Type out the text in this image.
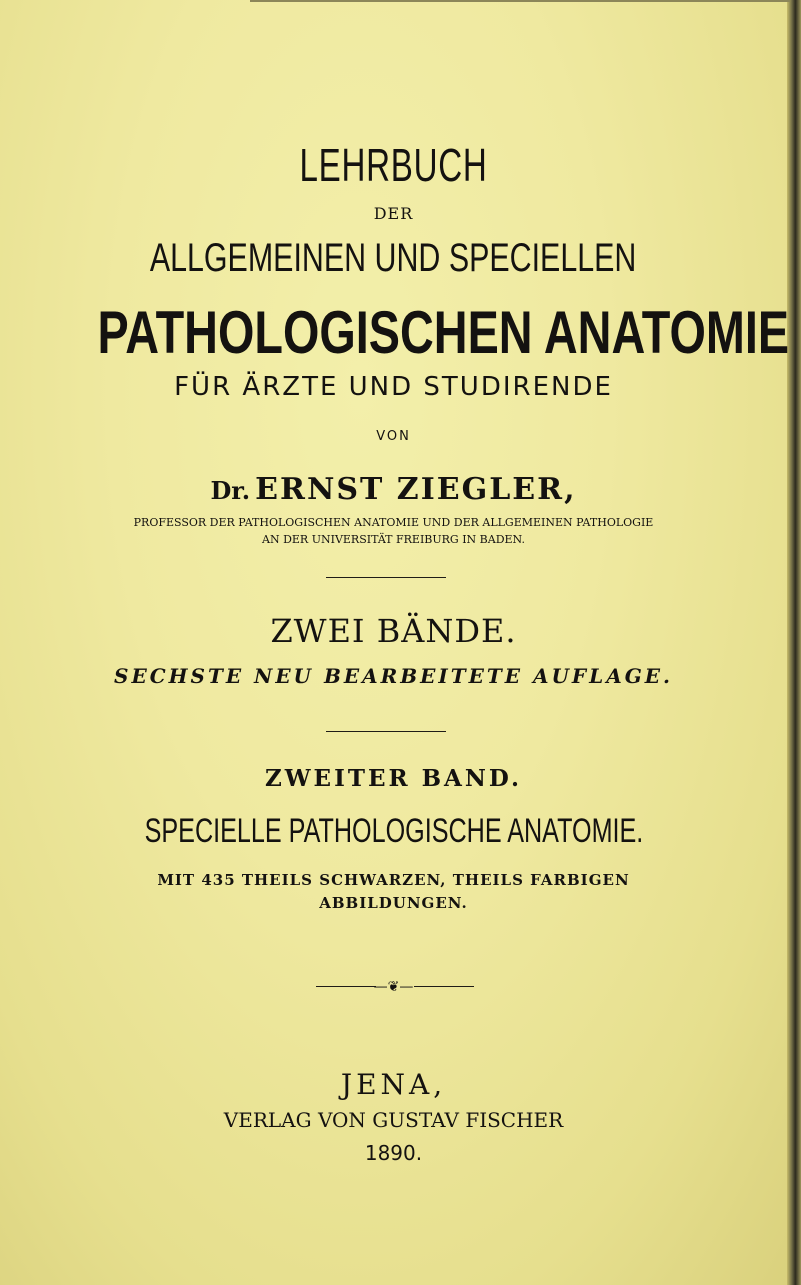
LEHRBUCH
DER
ALLGEMEINEN UND SPECIELLEN
PATHOLOGISCHEN ANATOMIE
FÜR ÄRZTE UND STUDIRENDE
VON
Dr. ERNST ZIEGLER,
PROFESSOR DER PATHOLOGISCHEN ANATOMIE UND DER ALLGEMEINEN PATHOLOGIE
AN DER UNIVERSITÄT FREIBURG IN BADEN.
ZWEI BÄNDE.
SECHSTE NEU BEARBEITETE AUFLAGE.
ZWEITER BAND.
SPECIELLE PATHOLOGISCHE ANATOMIE.
MIT 435 THEILS SCHWARZEN, THEILS FARBIGEN
ABBILDUNGEN.
—❦—
JENA,
VERLAG VON GUSTAV FISCHER
1890.
